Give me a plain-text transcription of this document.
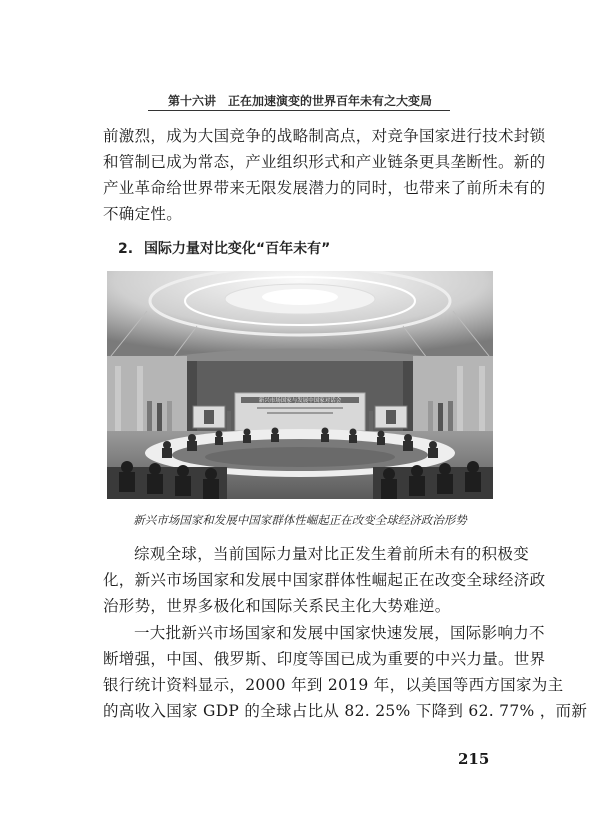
第十六讲　正在加速演变的世界百年未有之大变局
前激烈，成为大国竞争的战略制高点，对竞争国家进行技术封锁
和管制已成为常态，产业组织形式和产业链条更具垄断性。新的
产业革命给世界带来无限发展潜力的同时，也带来了前所未有的
不确定性。
2. 国际力量对比变化“百年未有”
新兴市场国家与发展中国家对话会
新兴市场国家和发展中国家群体性崛起正在改变全球经济政治形势
综观全球，当前国际力量对比正发生着前所未有的积极变
化，新兴市场国家和发展中国家群体性崛起正在改变全球经济政
治形势，世界多极化和国际关系民主化大势难逆。
一大批新兴市场国家和发展中国家快速发展，国际影响力不
断增强，中国、俄罗斯、印度等国已成为重要的中兴力量。世界
银行统计资料显示，2000 年到 2019 年，以美国等西方国家为主
的高收入国家 GDP 的全球占比从 82. 25% 下降到 62. 77% ，而新
215
